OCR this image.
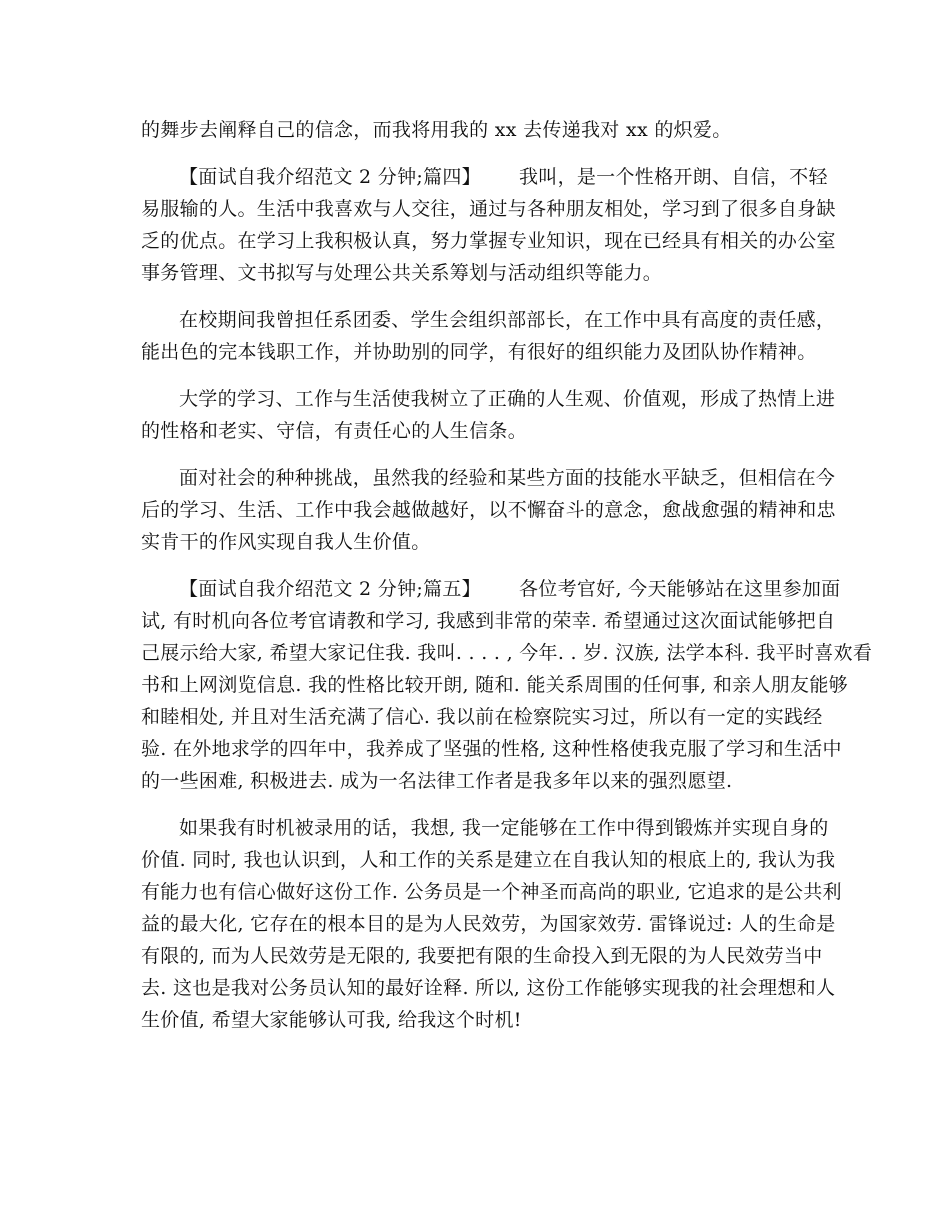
的舞步去阐释自己的信念，而我将用我的 xx 去传递我对 xx 的炽爱。
【面试自我介绍范文 2 分钟;篇四】 我叫，是一个性格开朗、自信，不轻
易服输的人。生活中我喜欢与人交往，通过与各种朋友相处，学习到了很多自身缺
乏的优点。在学习上我积极认真，努力掌握专业知识，现在已经具有相关的办公室
事务管理、文书拟写与处理公共关系筹划与活动组织等能力。
在校期间我曾担任系团委、学生会组织部部长，在工作中具有高度的责任感，
能出色的完本钱职工作，并协助别的同学，有很好的组织能力及团队协作精神。
大学的学习、工作与生活使我树立了正确的人生观、价值观，形成了热情上进
的性格和老实、守信，有责任心的人生信条。
面对社会的种种挑战，虽然我的经验和某些方面的技能水平缺乏，但相信在今
后的学习、生活、工作中我会越做越好，以不懈奋斗的意念，愈战愈强的精神和忠
实肯干的作风实现自我人生价值。
【面试自我介绍范文 2 分钟;篇五】 各位考官好, 今天能够站在这里参加面
试, 有时机向各位考官请教和学习, 我感到非常的荣幸. 希望通过这次面试能够把自
己展示给大家, 希望大家记住我. 我叫. . . . , 今年. . 岁. 汉族, 法学本科. 我平时喜欢看
书和上网浏览信息. 我的性格比较开朗, 随和. 能关系周围的任何事, 和亲人朋友能够
和睦相处, 并且对生活充满了信心. 我以前在检察院实习过，所以有一定的实践经
验. 在外地求学的四年中，我养成了坚强的性格, 这种性格使我克服了学习和生活中
的一些困难, 积极进去. 成为一名法律工作者是我多年以来的强烈愿望.
如果我有时机被录用的话，我想, 我一定能够在工作中得到锻炼并实现自身的
价值. 同时, 我也认识到，人和工作的关系是建立在自我认知的根底上的, 我认为我
有能力也有信心做好这份工作. 公务员是一个神圣而高尚的职业, 它追求的是公共利
益的最大化, 它存在的根本目的是为人民效劳，为国家效劳. 雷锋说过: 人的生命是
有限的, 而为人民效劳是无限的, 我要把有限的生命投入到无限的为人民效劳当中
去. 这也是我对公务员认知的最好诠释. 所以, 这份工作能够实现我的社会理想和人
生价值, 希望大家能够认可我, 给我这个时机!
